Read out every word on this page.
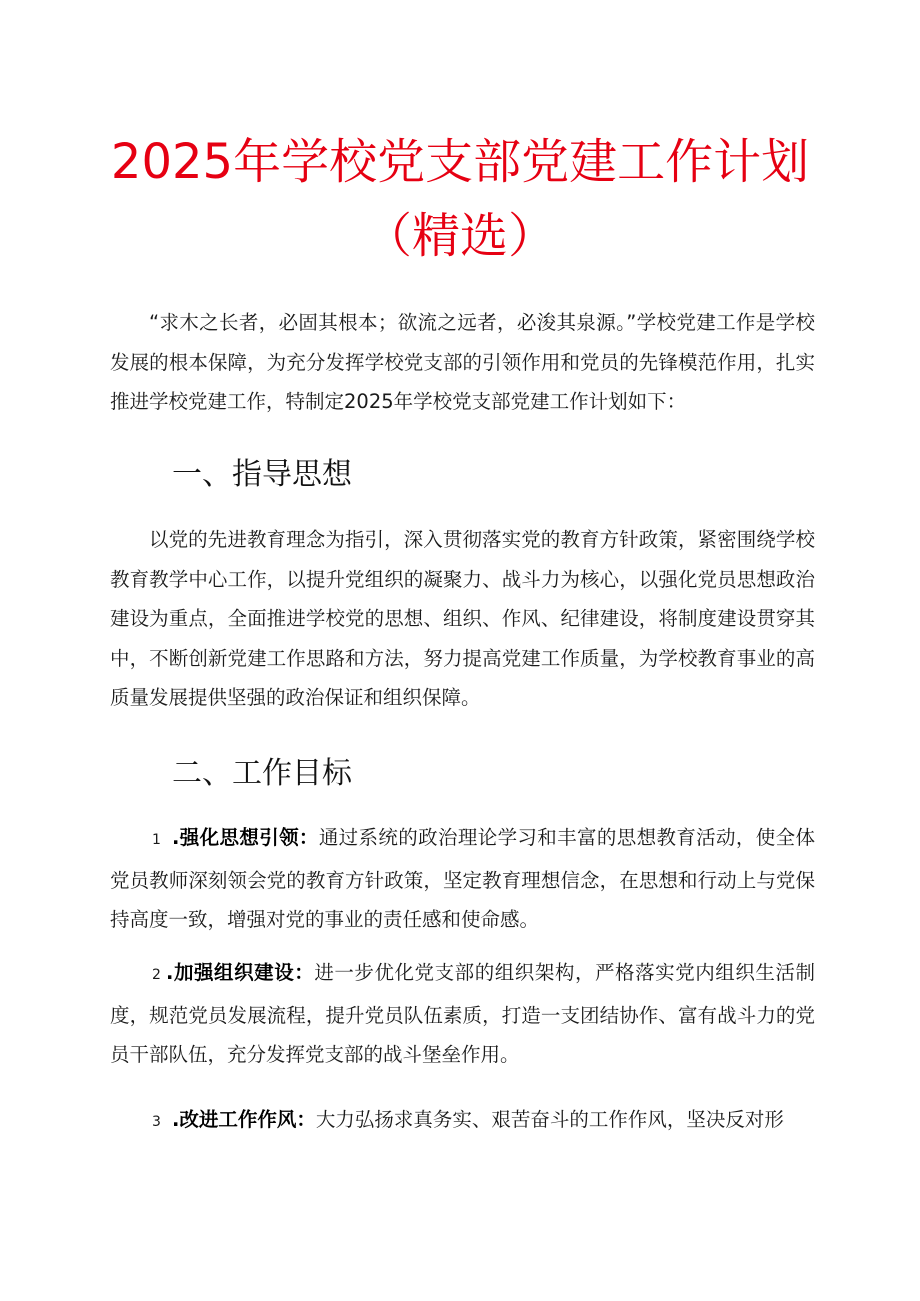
2025年学校党支部党建工作计划
（精选）

“求木之长者，必固其根本；欲流之远者，必浚其泉源。”学校党建工作是学校发展的根本保障，为充分发挥学校党支部的引领作用和党员的先锋模范作用，扎实推进学校党建工作，特制定2025年学校党支部党建工作计划如下：

一、指导思想

以党的先进教育理念为指引，深入贯彻落实党的教育方针政策，紧密围绕学校教育教学中心工作，以提升党组织的凝聚力、战斗力为核心，以强化党员思想政治建设为重点，全面推进学校党的思想、组织、作风、纪律建设，将制度建设贯穿其中，不断创新党建工作思路和方法，努力提高党建工作质量，为学校教育事业的高质量发展提供坚强的政治保证和组织保障。

二、工作目标

1 .强化思想引领：通过系统的政治理论学习和丰富的思想教育活动，使全体党员教师深刻领会党的教育方针政策，坚定教育理想信念，在思想和行动上与党保持高度一致，增强对党的事业的责任感和使命感。

2 .加强组织建设：进一步优化党支部的组织架构，严格落实党内组织生活制度，规范党员发展流程，提升党员队伍素质，打造一支团结协作、富有战斗力的党员干部队伍，充分发挥党支部的战斗堡垒作用。

3 .改进工作作风：大力弘扬求真务实、艰苦奋斗的工作作风，坚决反对形
